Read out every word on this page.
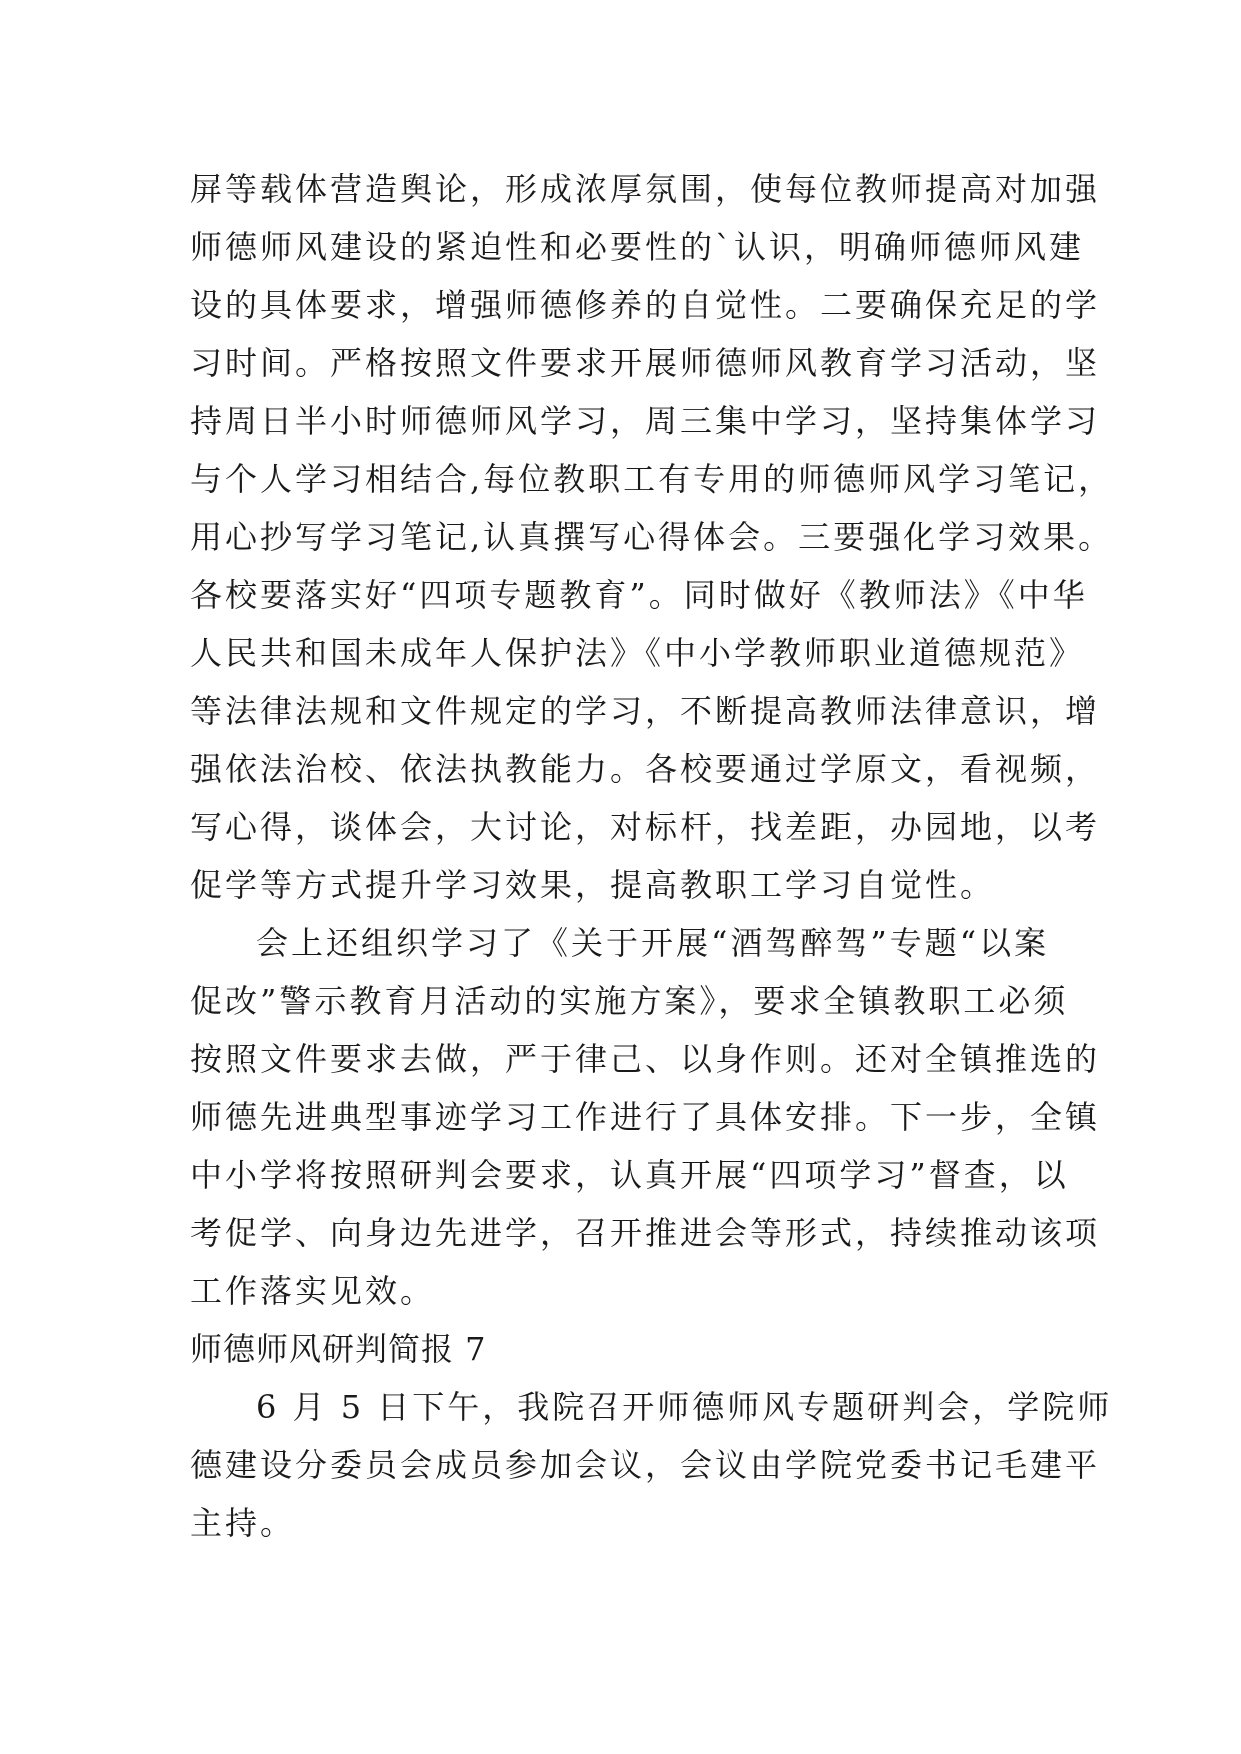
屏等载体营造舆论，形成浓厚氛围，使每位教师提高对加强
师德师风建设的紧迫性和必要性的`认识，明确师德师风建
设的具体要求，增强师德修养的自觉性。二要确保充足的学
习时间。严格按照文件要求开展师德师风教育学习活动，坚
持周日半小时师德师风学习，周三集中学习，坚持集体学习
与个人学习相结合,每位教职工有专用的师德师风学习笔记，
用心抄写学习笔记,认真撰写心得体会。三要强化学习效果。
各校要落实好“四项专题教育”。同时做好《教师法》《中华
人民共和国未成年人保护法》《中小学教师职业道德规范》
等法律法规和文件规定的学习，不断提高教师法律意识，增
强依法治校、依法执教能力。各校要通过学原文，看视频，
写心得，谈体会，大讨论，对标杆，找差距，办园地，以考
促学等方式提升学习效果，提高教职工学习自觉性。
会上还组织学习了《关于开展“酒驾醉驾”专题“以案
促改”警示教育月活动的实施方案》，要求全镇教职工必须
按照文件要求去做，严于律己、以身作则。还对全镇推选的
师德先进典型事迹学习工作进行了具体安排。下一步，全镇
中小学将按照研判会要求，认真开展“四项学习”督查，以
考促学、向身边先进学，召开推进会等形式，持续推动该项
工作落实见效。
师德师风研判简报 7
6 月 5 日下午，我院召开师德师风专题研判会，学院师
德建设分委员会成员参加会议，会议由学院党委书记毛建平
主持。
